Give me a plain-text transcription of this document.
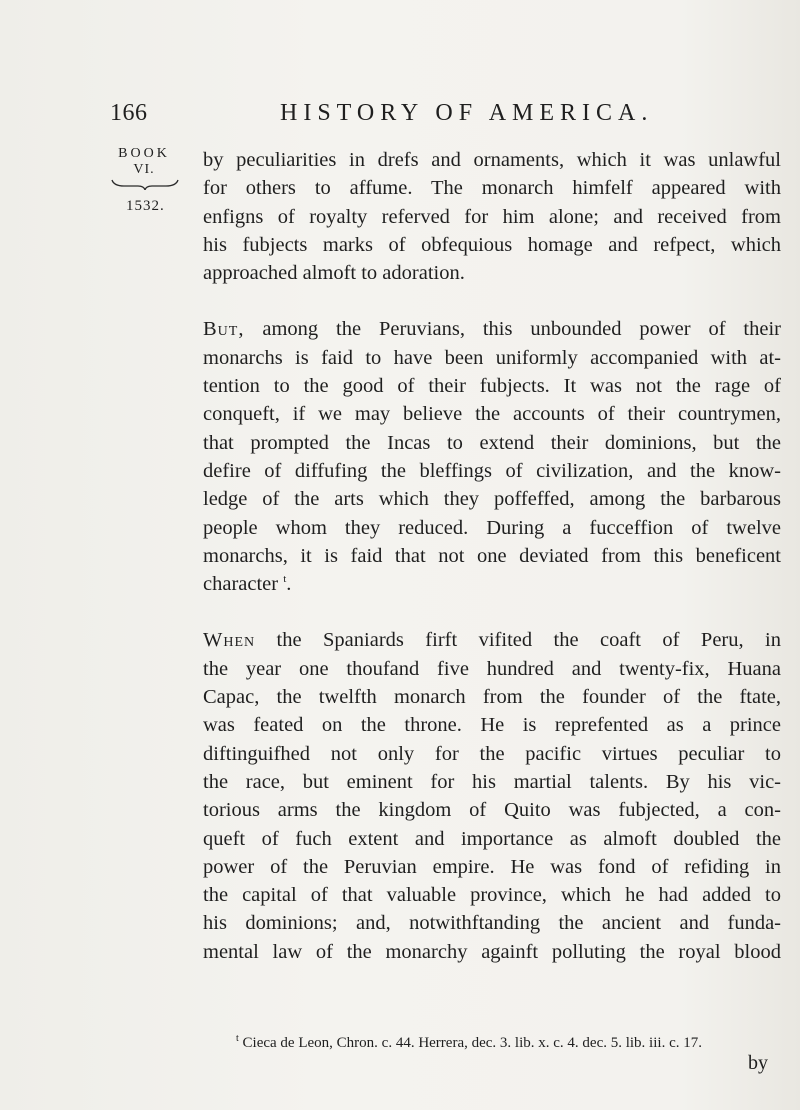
166	HISTORY OF AMERICA.
BOOK
VI.
1532.

by peculiarities in drefs and ornaments, which it was unlawful
for others to affume. The monarch himfelf appeared with
enfigns of royalty referved for him alone; and received from
his fubjects marks of obfequious homage and refpect, which
approached almoft to adoration.

But, among the Peruvians, this unbounded power of their
monarchs is faid to have been uniformly accompanied with at-
tention to the good of their fubjects. It was not the rage of
conqueft, if we may believe the accounts of their countrymen,
that prompted the Incas to extend their dominions, but the
defire of diffufing the bleffings of civilization, and the know-
ledge of the arts which they poffeffed, among the barbarous
people whom they reduced. During a fucceffion of twelve
monarchs, it is faid that not one deviated from this beneficent
character $^t$.

When the Spaniards firft vifited the coaft of Peru, in
the year one thoufand five hundred and twenty-fix, Huana
Capac, the twelfth monarch from the founder of the ftate,
was feated on the throne. He is reprefented as a prince
diftinguifhed not only for the pacific virtues peculiar to
the race, but eminent for his martial talents. By his vic-
torious arms the kingdom of Quito was fubjected, a con-
queft of fuch extent and importance as almoft doubled the
power of the Peruvian empire. He was fond of refiding in
the capital of that valuable province, which he had added to
his dominions; and, notwithftanding the ancient and funda-
mental law of the monarchy againft polluting the royal blood

$^t$ Cieca de Leon, Chron. c. 44. Herrera, dec. 3. lib. x. c. 4. dec. 5. lib. iii. c. 17.
by
